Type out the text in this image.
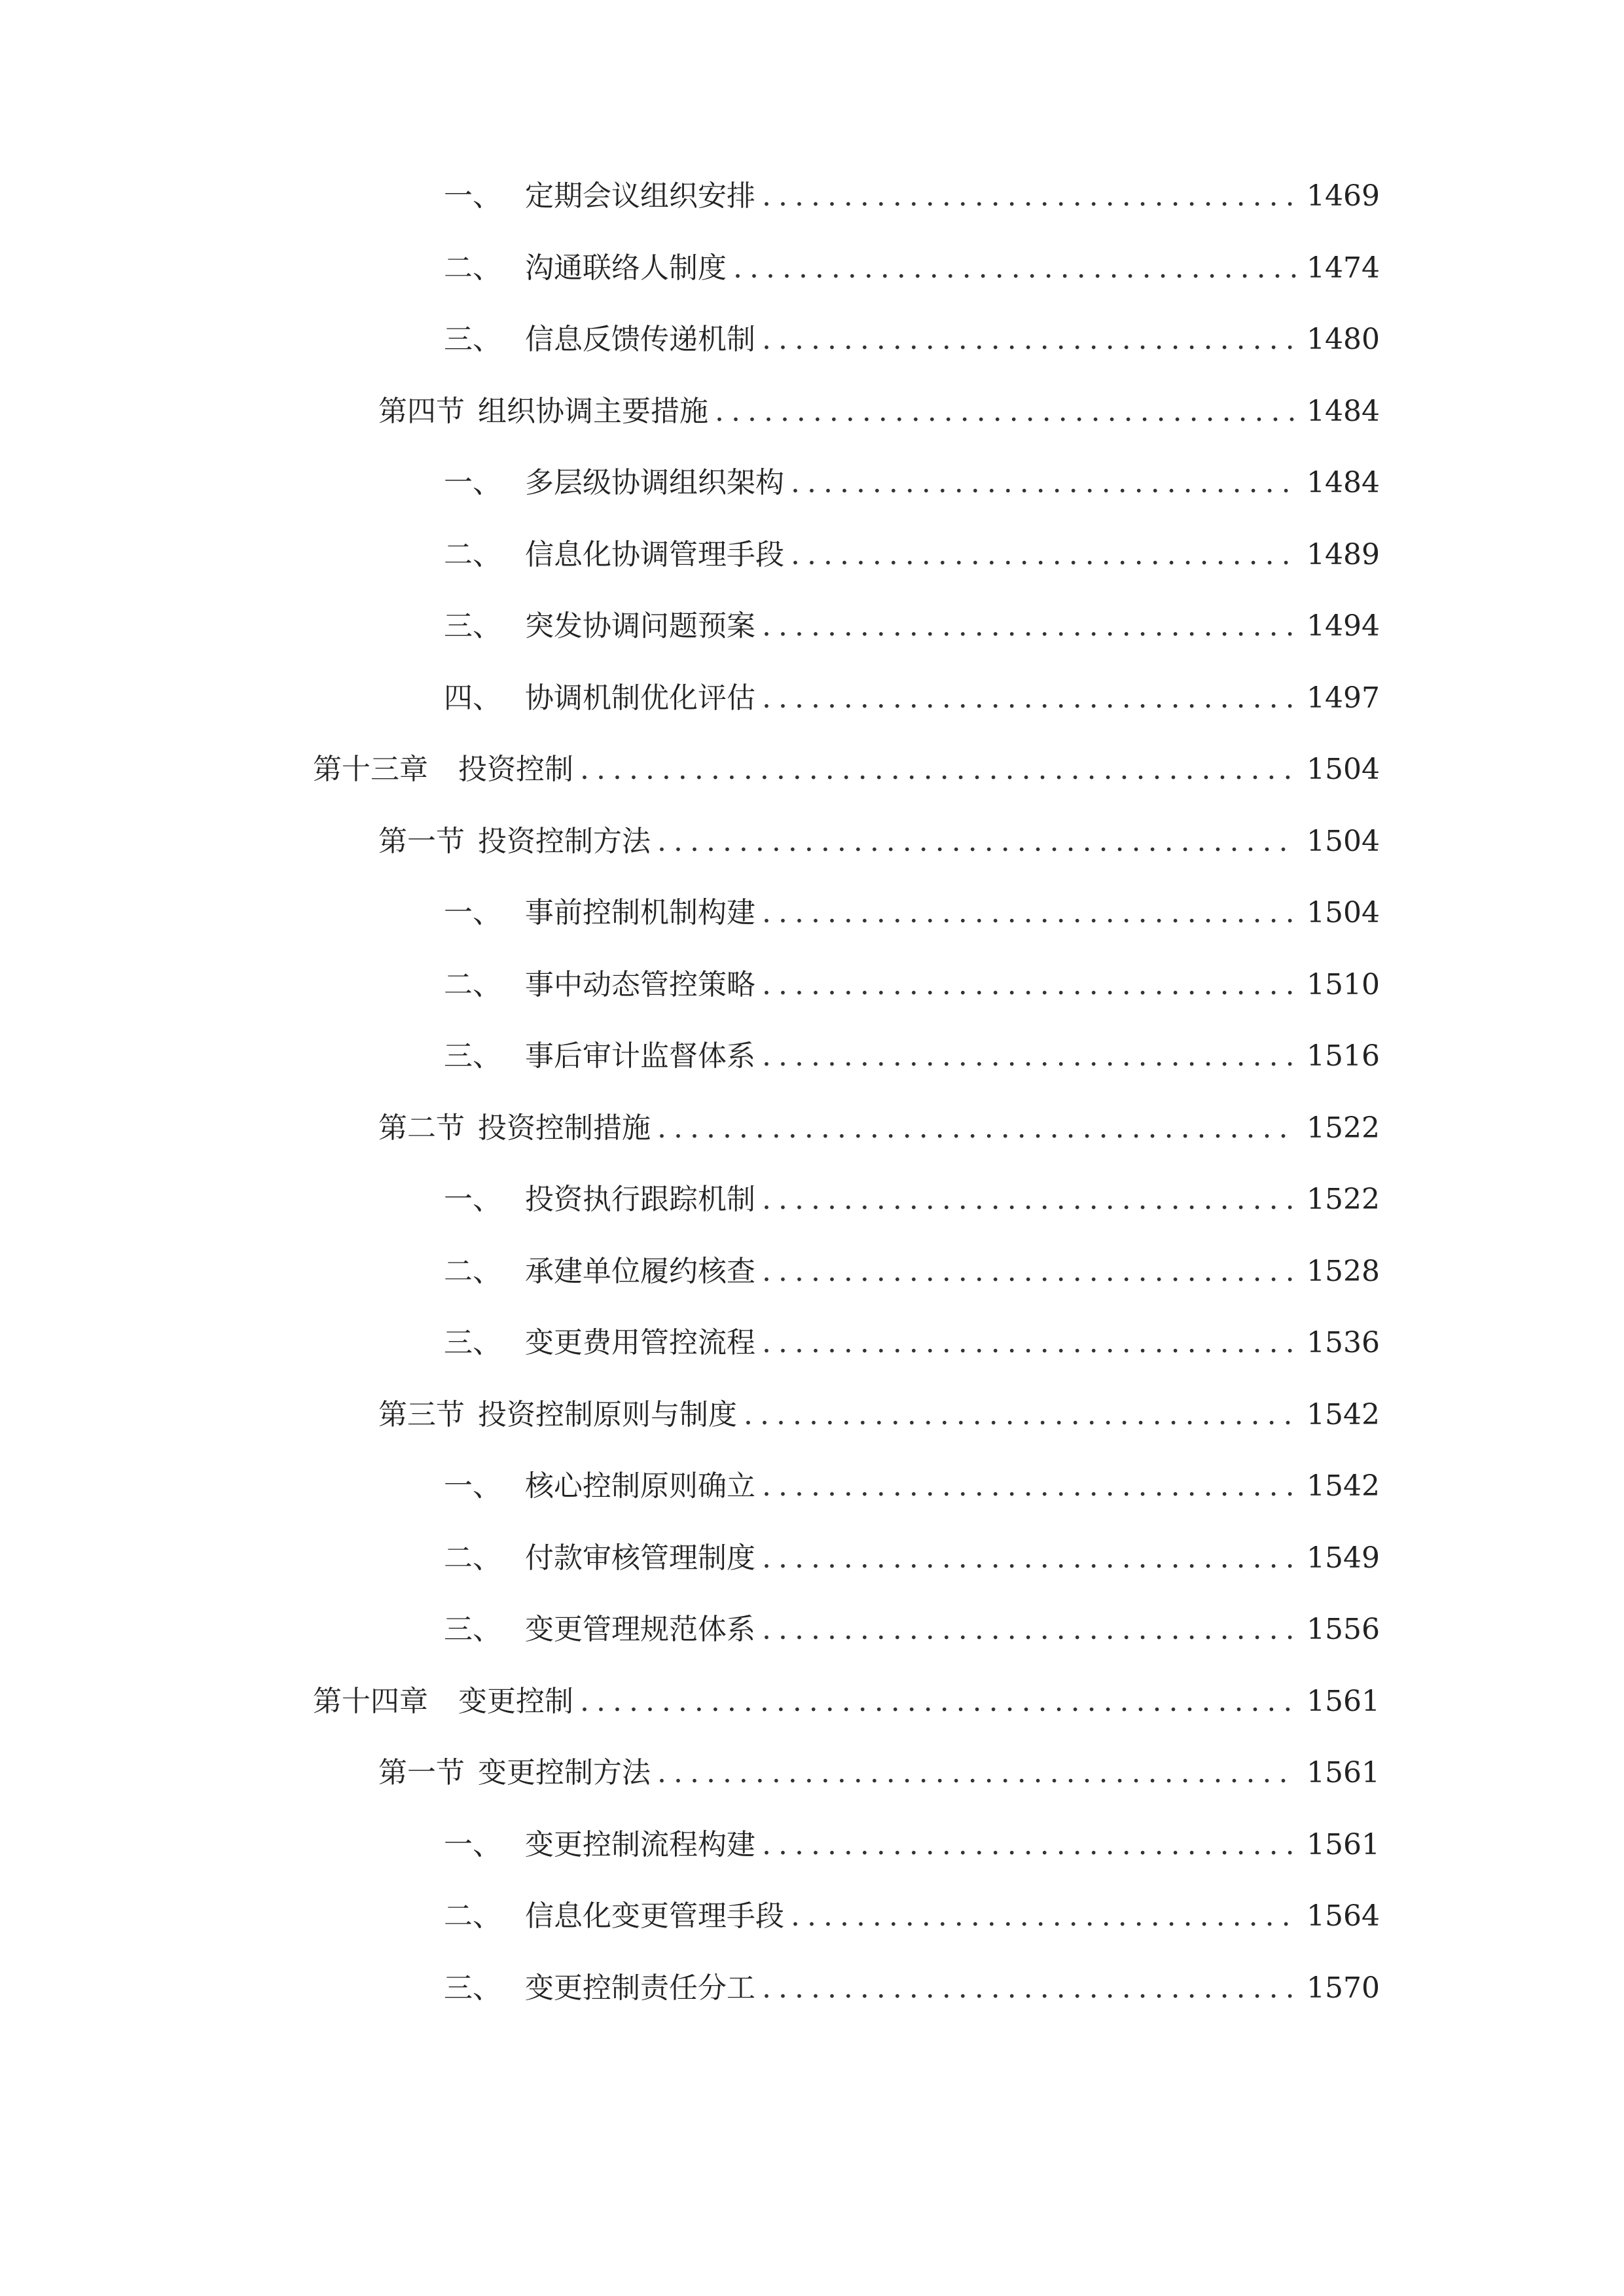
一、 定期会议组织安排 .....	1469
二、 沟通联络人制度 .....	1474
三、 信息反馈传递机制 .....	1480
第四节 组织协调主要措施 .....	1484
一、 多层级协调组织架构 .....	1484
二、 信息化协调管理手段 .....	1489
三、 突发协调问题预案 .....	1494
四、 协调机制优化评估 .....	1497
第十三章	投资控制 .....	1504
第一节 投资控制方法 .....	1504
一、 事前控制机制构建 .....	1504
二、 事中动态管控策略 .....	1510
三、 事后审计监督体系 .....	1516
第二节 投资控制措施 .....	1522
一、 投资执行跟踪机制 .....	1522
二、 承建单位履约核查 .....	1528
三、 变更费用管控流程 .....	1536
第三节 投资控制原则与制度 .....	1542
一、 核心控制原则确立 .....	1542
二、 付款审核管理制度 .....	1549
三、 变更管理规范体系 .....	1556
第十四章	变更控制 .....	1561
第一节 变更控制方法 .....	1561
一、 变更控制流程构建 .....	1561
二、 信息化变更管理手段 .....	1564
三、 变更控制责任分工 .....	1570
